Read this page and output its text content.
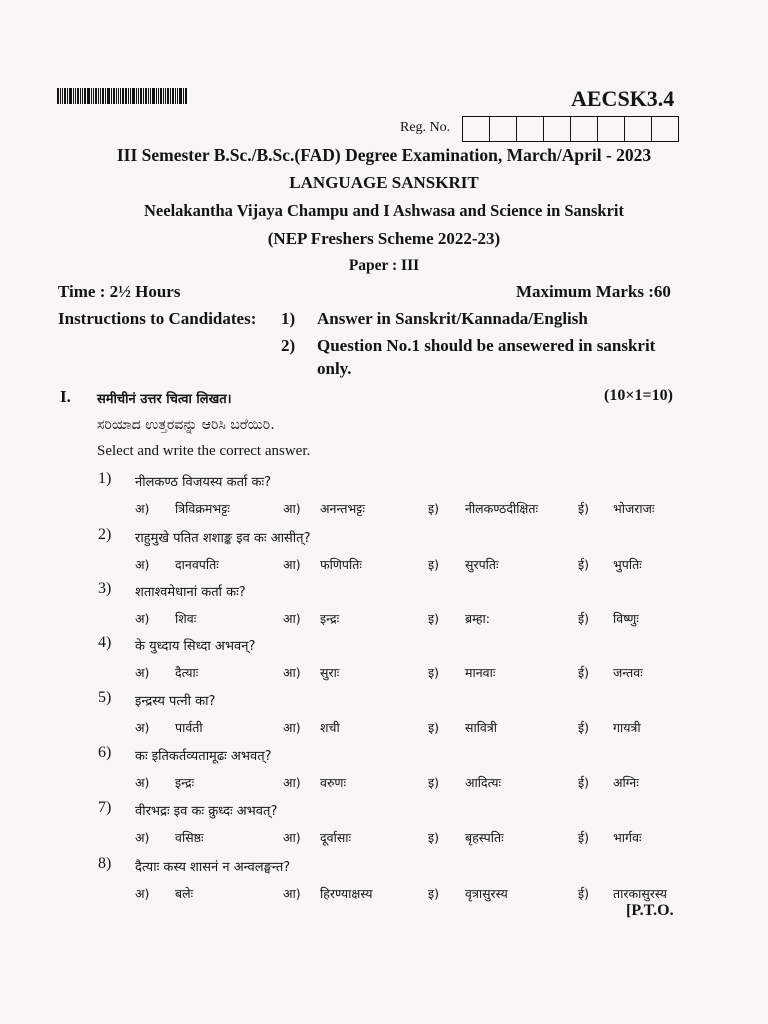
AECSK3.4
Reg. No.
III Semester B.Sc./B.Sc.(FAD) Degree Examination, March/April - 2023
LANGUAGE SANSKRIT
Neelakantha Vijaya Champu and I Ashwasa and Science in Sanskrit
(NEP Freshers Scheme 2022-23)
Paper : III
Time : 2½ Hours	Maximum Marks :60
Instructions to Candidates: 1) Answer in Sanskrit/Kannada/English
2) Question No.1 should be ansewered in sanskrit
only.
I. समीचीनं उत्तर चित्वा लिखत।	(10×1=10)
ಸರಿಯಾದ ಉತ್ತರವನ್ನು ಆರಿಸಿ ಬರೆಯಿರಿ.
Select and write the correct answer.
1) नीलकण्ठ विजयस्य कर्ता कः?
अ) त्रिविक्रमभट्टः	आ) अनन्तभट्टः	इ) नीलकण्ठदीक्षितः	ई) भोजराजः
2) राहुमुखे पतित शशाङ्क इव कः आसीत्?
अ) दानवपतिः	आ) फणिपतिः	इ) सुरपतिः	ई) भुपतिः
3) शताश्वमेधानां कर्ता कः?
अ) शिवः	आ) इन्द्रः	इ) ब्रम्हा:	ई) विष्णुः
4) के युध्दाय सिध्दा अभवन्?
अ) दैत्याः	आ) सुराः	इ) मानवाः	ई) जन्तवः
5) इन्द्रस्य पत्नी का?
अ) पार्वती	आ) शची	इ) सावित्री	ई) गायत्री
6) कः इतिकर्तव्यतामूढः अभवत्?
अ) इन्द्रः	आ) वरुणः	इ) आदित्यः	ई) अग्निः
7) वीरभद्रः इव कः क्रुध्दः अभवत्?
अ) वसिष्ठः	आ) दूर्वासाः	इ) बृहस्पतिः	ई) भार्गवः
8) दैत्याः कस्य शासनं न अन्वलङ्घन्त?
अ) बलेः	आ) हिरण्याक्षस्य	इ) वृत्रासुरस्य	ई) तारकासुरस्य
[P.T.O.
